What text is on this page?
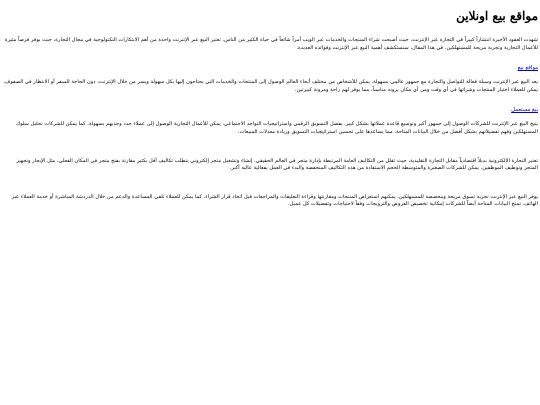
مواقع بيع اونلاين

شهدت العقود الأخيرة انتشاراً كبيراً في التجارة عبر الإنترنت، حيث أصبحت شراء المنتجات والخدمات عبر الويب أمراً شائعاً في حياة الكثير من الناس. تعتبر البيع عبر الإنترنت واحدة من أهم الابتكارات التكنولوجية في مجال التجارة، حيث يوفر فرصاً مثيرة للأعمال التجارية وتجربة مريحة للمستهلكين. في هذا المقال، سنستكشف أهمية البيع عبر الإنترنت وفوائده العديدة.

مواقع بيع

يعد البيع عبر الإنترنت وسيلة فعالة للتواصل والتجارة مع جمهور عالمي بسهولة. يمكن للأشخاص من مختلف أنحاء العالم الوصول إلى المنتجات والخدمات التي يحتاجون إليها بكل سهولة ويسر من خلال الإنترنت، دون الحاجة للسفر أو الانتظار في الصفوف. يمكن للعملاء اختيار المنتجات وشرائها في أي وقت ومن أي مكان يرونه مناسباً، مما يوفر لهم راحة ومرونة كبيرتين.

بيع مستعمل

يتيح البيع عبر الإنترنت للشركات الوصول إلى جمهور أكبر وتوسيع قاعدة عملائها بشكل كبير. بفضل التسويق الرقمي واستراتيجيات التواجد الاجتماعي، يمكن للأعمال التجارية الوصول إلى عملاء جدد وجذبهم بسهولة. كما يمكن للشركات تحليل سلوك المستهلكين وفهم تفضيلاتهم بشكل أفضل من خلال البيانات المتاحة، مما يساعدها على تحسين استراتيجيات التسويق وزيادة معدلات المبيعات.

تعتبر التجارة الإلكترونية بديلاً اقتصادياً مقابل التجارة التقليدية، حيث تقلل من التكاليف العامة المرتبطة بإدارة متجر في العالم الحقيقي. إنشاء وتشغيل متجر إلكتروني يتطلب تكاليف أقل بكثير مقارنة بفتح متجر في المكان الفعلي، مثل الإيجار وتجهيز المتجر وتوظيف الموظفين. يمكن للشركات الصغيرة والمتوسطة الحجم الاستفادة من هذه التكاليف المنخفضة والبدء في العمل بفعالية عالية أكبر.

يوفر البيع عبر الإنترنت تجربة تسوق مريحة ومخصصة للمستهلكين. يمكنهم استعراض المنتجات ومقارنتها وقراءة التعليقات والمراجعات قبل اتخاذ قرار الشراء. كما يمكن للعملاء تلقي المساعدة والدعم من خلال الدردشة المباشرة أو خدمة العملاء عبر الهاتف. تمنح البيانات المتاحة أيضاً للشركات إمكانية تخصيص العروض والترويجات وفقاً لاحتياجات وتفضيلات كل عميل.
